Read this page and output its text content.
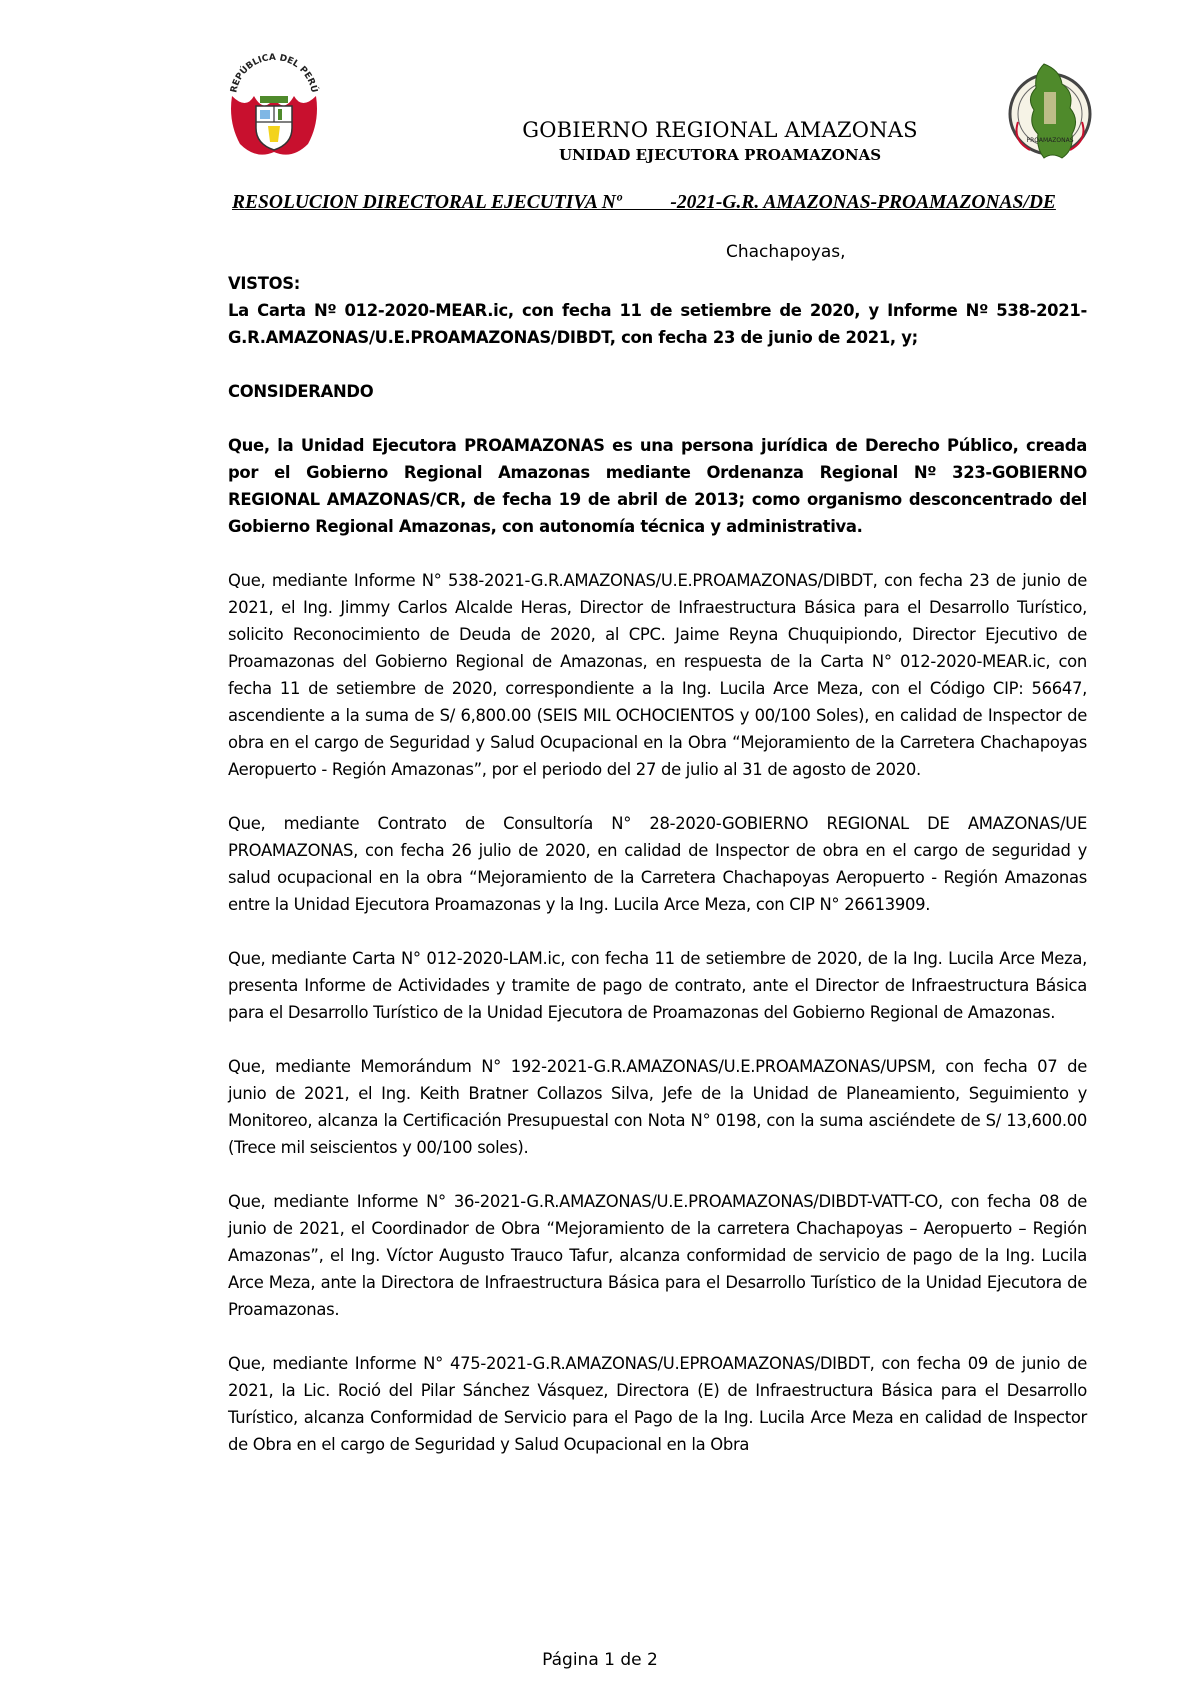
REPÚBLICA DEL PERÚ
GOBIERNO REGIONAL AMAZONAS
UNIDAD EJECUTORA PROAMAZONAS
PROAMAZONAS
RESOLUCION DIRECTORAL EJECUTIVA Nº          -2021-G.R. AMAZONAS-PROAMAZONAS/DE
Chachapoyas,

VISTOS:

La Carta Nº 012-2020-MEAR.ic, con fecha 11 de setiembre de 2020, y Informe Nº 538-2021-G.R.AMAZONAS/U.E.PROAMAZONAS/DIBDT, con fecha 23 de junio de 2021, y;

CONSIDERANDO

Que, la Unidad Ejecutora PROAMAZONAS es una persona jurídica de Derecho Público, creada por el Gobierno Regional Amazonas mediante Ordenanza Regional Nº 323-GOBIERNO REGIONAL AMAZONAS/CR, de fecha 19 de abril de 2013; como organismo desconcentrado del Gobierno Regional Amazonas, con autonomía técnica y administrativa.

Que, mediante Informe N° 538-2021-G.R.AMAZONAS/U.E.PROAMAZONAS/DIBDT, con fecha 23 de junio de 2021, el Ing. Jimmy Carlos Alcalde Heras, Director de Infraestructura Básica para el Desarrollo Turístico, solicito Reconocimiento de Deuda de 2020, al CPC. Jaime Reyna Chuquipiondo, Director Ejecutivo de Proamazonas del Gobierno Regional de Amazonas, en respuesta de la Carta N° 012-2020-MEAR.ic, con fecha 11 de setiembre de 2020, correspondiente a la Ing. Lucila Arce Meza, con el Código CIP: 56647, ascendiente a la suma de S/ 6,800.00 (SEIS MIL OCHOCIENTOS y 00/100 Soles), en calidad de Inspector de obra en el cargo de Seguridad y Salud Ocupacional en la Obra “Mejoramiento de la Carretera Chachapoyas Aeropuerto - Región Amazonas”, por el periodo del 27 de julio al 31 de agosto de 2020.

Que, mediante Contrato de Consultoría N° 28-2020-GOBIERNO REGIONAL DE AMAZONAS/UE PROAMAZONAS, con fecha 26 julio de 2020, en calidad de Inspector de obra en el cargo de seguridad y salud ocupacional en la obra “Mejoramiento de la Carretera Chachapoyas Aeropuerto - Región Amazonas entre la Unidad Ejecutora Proamazonas y la Ing. Lucila Arce Meza, con CIP N° 26613909.

Que, mediante Carta N° 012-2020-LAM.ic, con fecha 11 de setiembre de 2020, de la Ing. Lucila Arce Meza, presenta Informe de Actividades y tramite de pago de contrato, ante el Director de Infraestructura Básica para el Desarrollo Turístico de la Unidad Ejecutora de Proamazonas del Gobierno Regional de Amazonas.

Que, mediante Memorándum N° 192-2021-G.R.AMAZONAS/U.E.PROAMAZONAS/UPSM, con fecha 07 de junio de 2021, el Ing. Keith Bratner Collazos Silva, Jefe de la Unidad de Planeamiento, Seguimiento y Monitoreo, alcanza la Certificación Presupuestal con Nota N° 0198, con la suma asciéndete de S/ 13,600.00 (Trece mil seiscientos y 00/100 soles).

Que, mediante Informe N° 36-2021-G.R.AMAZONAS/U.E.PROAMAZONAS/DIBDT-VATT-CO, con fecha 08 de junio de 2021, el Coordinador de Obra “Mejoramiento de la carretera Chachapoyas – Aeropuerto – Región Amazonas”, el Ing. Víctor Augusto Trauco Tafur, alcanza conformidad de servicio de pago de la Ing. Lucila Arce Meza, ante la Directora de Infraestructura Básica para el Desarrollo Turístico de la Unidad Ejecutora de Proamazonas.

Que, mediante Informe N° 475-2021-G.R.AMAZONAS/U.EPROAMAZONAS/DIBDT, con fecha 09 de junio de 2021, la Lic. Roció del Pilar Sánchez Vásquez, Directora (E) de Infraestructura Básica para el Desarrollo Turístico, alcanza Conformidad de Servicio para el Pago de la Ing. Lucila Arce Meza en calidad de Inspector de Obra en el cargo de Seguridad y Salud Ocupacional en la Obra

Página 1 de 2
